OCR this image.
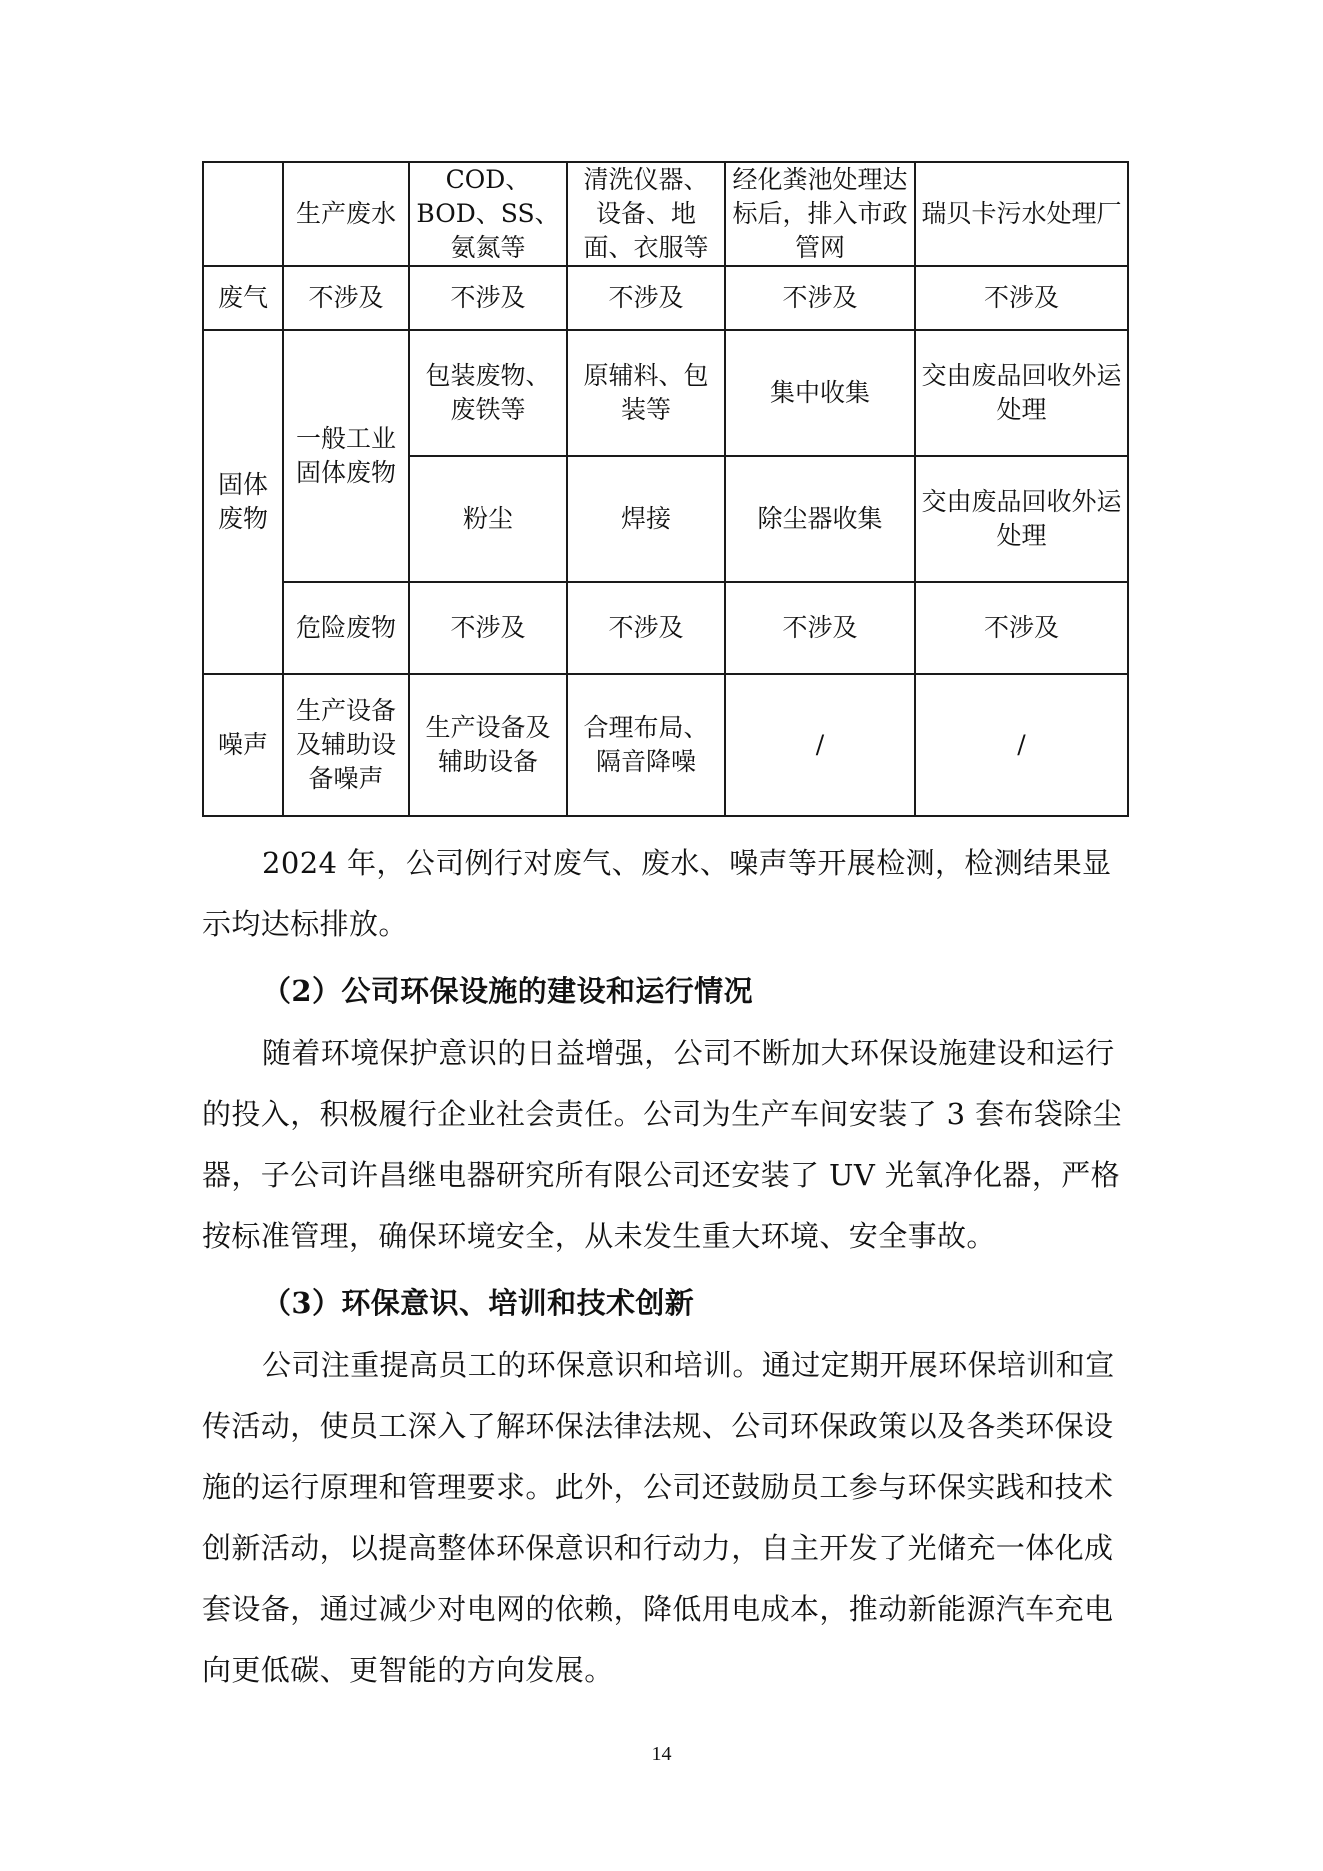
	生产废水	COD、BOD、SS、氨氮等	清洗仪器、设备、地面、衣服等	经化粪池处理达标后，排入市政管网	瑞贝卡污水处理厂
废气	不涉及	不涉及	不涉及	不涉及	不涉及
固体废物	一般工业固体废物	包装废物、废铁等	原辅料、包装等	集中收集	交由废品回收外运处理
		粉尘	焊接	除尘器收集	交由废品回收外运处理
	危险废物	不涉及	不涉及	不涉及	不涉及
噪声	生产设备及辅助设备噪声	生产设备及辅助设备	合理布局、隔音降噪	/	/
2024 年，公司例行对废气、废水、噪声等开展检测，检测结果显示均达标排放。
（2）公司环保设施的建设和运行情况
随着环境保护意识的日益增强，公司不断加大环保设施建设和运行的投入，积极履行企业社会责任。公司为生产车间安装了 3 套布袋除尘器，子公司许昌继电器研究所有限公司还安装了 UV 光氧净化器，严格按标准管理，确保环境安全，从未发生重大环境、安全事故。
（3）环保意识、培训和技术创新
公司注重提高员工的环保意识和培训。通过定期开展环保培训和宣传活动，使员工深入了解环保法律法规、公司环保政策以及各类环保设施的运行原理和管理要求。此外，公司还鼓励员工参与环保实践和技术创新活动，以提高整体环保意识和行动力，自主开发了光储充一体化成套设备，通过减少对电网的依赖，降低用电成本，推动新能源汽车充电向更低碳、更智能的方向发展。
14
